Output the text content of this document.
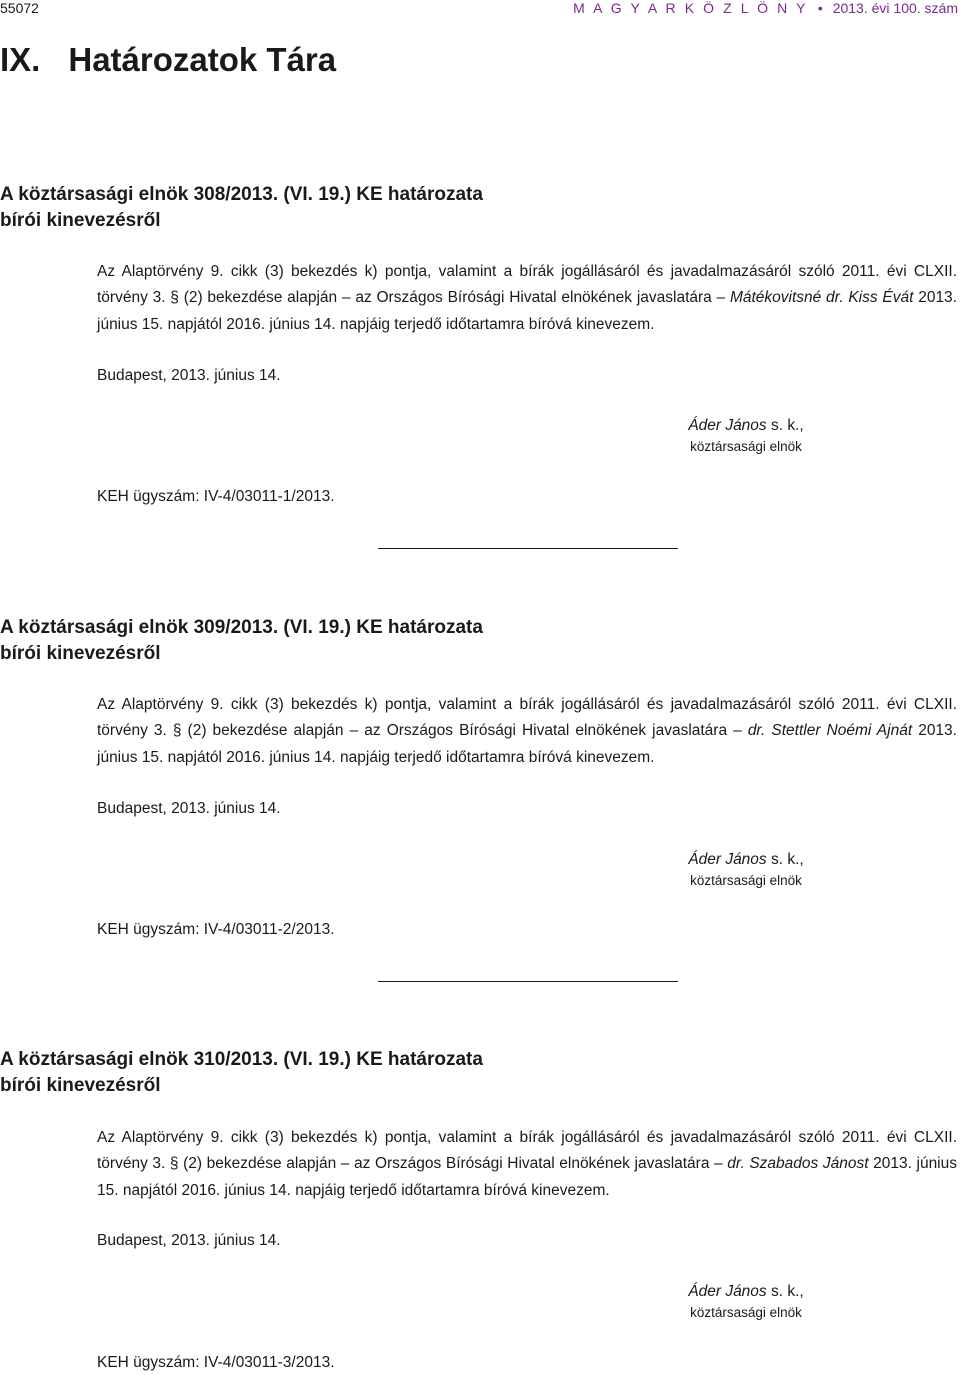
55072	M A G Y A R K Ö Z L Ö N Y • 2013. évi 100. szám
IX. Határozatok Tára
A köztársasági elnök 308/2013. (VI. 19.) KE határozata
bírói kinevezésről
Az Alaptörvény 9. cikk (3) bekezdés k) pontja, valamint a bírák jogállásáról és javadalmazásáról szóló 2011. évi CLXII. törvény 3. § (2) bekezdése alapján – az Országos Bírósági Hivatal elnökének javaslatára – Mátékovitsné dr. Kiss Évát 2013. június 15. napjától 2016. június 14. napjáig terjedő időtartamra bíróvá kinevezem.
Budapest, 2013. június 14.
Áder János s. k.,
köztársasági elnök
KEH ügyszám: IV-4/03011-1/2013.
A köztársasági elnök 309/2013. (VI. 19.) KE határozata
bírói kinevezésről
Az Alaptörvény 9. cikk (3) bekezdés k) pontja, valamint a bírák jogállásáról és javadalmazásáról szóló 2011. évi CLXII. törvény 3. § (2) bekezdése alapján – az Országos Bírósági Hivatal elnökének javaslatára – dr. Stettler Noémi Ajnát 2013. június 15. napjától 2016. június 14. napjáig terjedő időtartamra bíróvá kinevezem.
Budapest, 2013. június 14.
Áder János s. k.,
köztársasági elnök
KEH ügyszám: IV-4/03011-2/2013.
A köztársasági elnök 310/2013. (VI. 19.) KE határozata
bírói kinevezésről
Az Alaptörvény 9. cikk (3) bekezdés k) pontja, valamint a bírák jogállásáról és javadalmazásáról szóló 2011. évi CLXII. törvény 3. § (2) bekezdése alapján – az Országos Bírósági Hivatal elnökének javaslatára – dr. Szabados Jánost 2013. június 15. napjától 2016. június 14. napjáig terjedő időtartamra bíróvá kinevezem.
Budapest, 2013. június 14.
Áder János s. k.,
köztársasági elnök
KEH ügyszám: IV-4/03011-3/2013.
